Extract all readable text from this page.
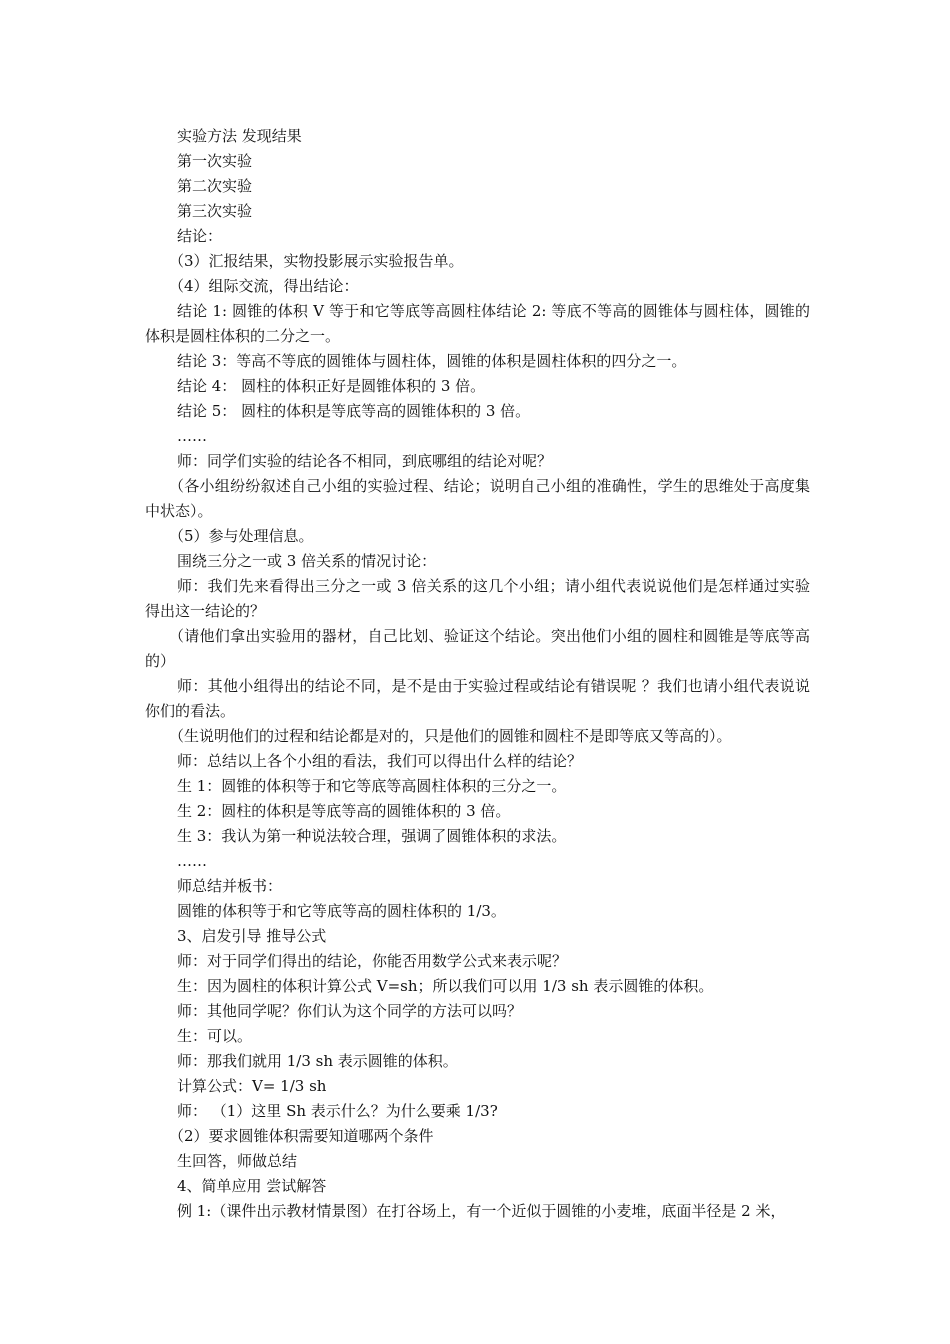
实验方法 发现结果

第一次实验

第二次实验

第三次实验

结论：

（3）汇报结果，实物投影展示实验报告单。

（4）组际交流，得出结论：

结论 1: 圆锥的体积 V 等于和它等底等高圆柱体结论 2: 等底不等高的圆锥体与圆柱体，圆锥的体积是圆柱体积的二分之一。

结论 3：等高不等底的圆锥体与圆柱体，圆锥的体积是圆柱体积的四分之一。

结论 4： 圆柱的体积正好是圆锥体积的 3 倍。

结论 5： 圆柱的体积是等底等高的圆锥体积的 3 倍。

……

师：同学们实验的结论各不相同，到底哪组的结论对呢？

（各小组纷纷叙述自己小组的实验过程、结论；说明自己小组的准确性，学生的思维处于高度集中状态）。

（5）参与处理信息。

围绕三分之一或 3 倍关系的情况讨论：

师：我们先来看得出三分之一或 3 倍关系的这几个小组；请小组代表说说他们是怎样通过实验得出这一结论的？

（请他们拿出实验用的器材，自己比划、验证这个结论。突出他们小组的圆柱和圆锥是等底等高的）

师：其他小组得出的结论不同，是不是由于实验过程或结论有错误呢 ？我们也请小组代表说说你们的看法。

（生说明他们的过程和结论都是对的，只是他们的圆锥和圆柱不是即等底又等高的）。

师：总结以上各个小组的看法，我们可以得出什么样的结论？

生 1：圆锥的体积等于和它等底等高圆柱体积的三分之一。

生 2：圆柱的体积是等底等高的圆锥体积的 3 倍。

生 3：我认为第一种说法较合理，强调了圆锥体积的求法。

……

师总结并板书：

圆锥的体积等于和它等底等高的圆柱体积的 1/3。

3、启发引导 推导公式

师：对于同学们得出的结论，你能否用数学公式来表示呢？

生：因为圆柱的体积计算公式 V=sh；所以我们可以用 1/3 sh 表示圆锥的体积。

师：其他同学呢？你们认为这个同学的方法可以吗？

生：可以。

师：那我们就用 1/3 sh 表示圆锥的体积。

计算公式：V= 1/3 sh

师： （1）这里 Sh 表示什么？为什么要乘 1/3?

（2）要求圆锥体积需要知道哪两个条件

生回答，师做总结

4、简单应用 尝试解答

例 1:（课件出示教材情景图）在打谷场上，有一个近似于圆锥的小麦堆，底面半径是 2 米，
